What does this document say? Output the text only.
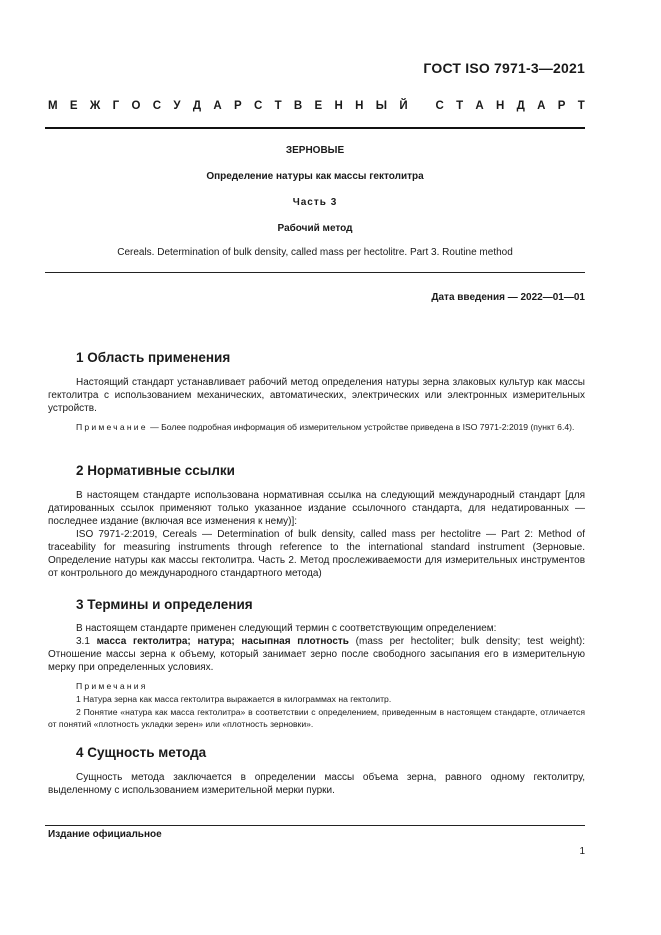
ГОСТ ISO 7971-3—2021
М Е Ж Г О С У Д А Р С Т В Е Н Н Ы Й
С Т А Н Д А Р Т
ЗЕРНОВЫЕ
Определение натуры как массы гектолитра
Часть 3
Рабочий метод
Cereals. Determination of bulk density, called mass per hectolitre. Part 3. Routine method
Дата введения — 2022—01—01
1 Область применения
Настоящий стандарт устанавливает рабочий метод определения натуры зерна злаковых культур как массы гектолитра с использованием механических, автоматических, электрических или электронных измерительных устройств.
Примечание — Более подробная информация об измерительном устройстве приведена в ISO 7971-2:2019 (пункт 6.4).
2 Нормативные ссылки
В настоящем стандарте использована нормативная ссылка на следующий международный стандарт [для датированных ссылок применяют только указанное издание ссылочного стандарта, для недатированных — последнее издание (включая все изменения к нему)]:
ISO 7971-2:2019, Cereals — Determination of bulk density, called mass per hectolitre — Part 2: Method of traceability for measuring instruments through reference to the international standard instrument (Зерновые. Определение натуры как массы гектолитра. Часть 2. Метод прослеживаемости для измерительных инструментов от контрольного до международного стандартного метода)
3 Термины и определения
В настоящем стандарте применен следующий термин с соответствующим определением:
3.1 масса гектолитра; натура; насыпная плотность (mass per hectoliter; bulk density; test weight): Отношение массы зерна к объему, который занимает зерно после свободного засыпания его в измерительную мерку при определенных условиях.
Примечания
1 Натура зерна как масса гектолитра выражается в килограммах на гектолитр.
2 Понятие «натура как масса гектолитра» в соответствии с определением, приведенным в настоящем стандарте, отличается от понятий «плотность укладки зерен» или «плотность зерновки».
4 Сущность метода
Сущность метода заключается в определении массы объема зерна, равного одному гектолитру, выделенному с использованием измерительной мерки пурки.
Издание официальное
1
